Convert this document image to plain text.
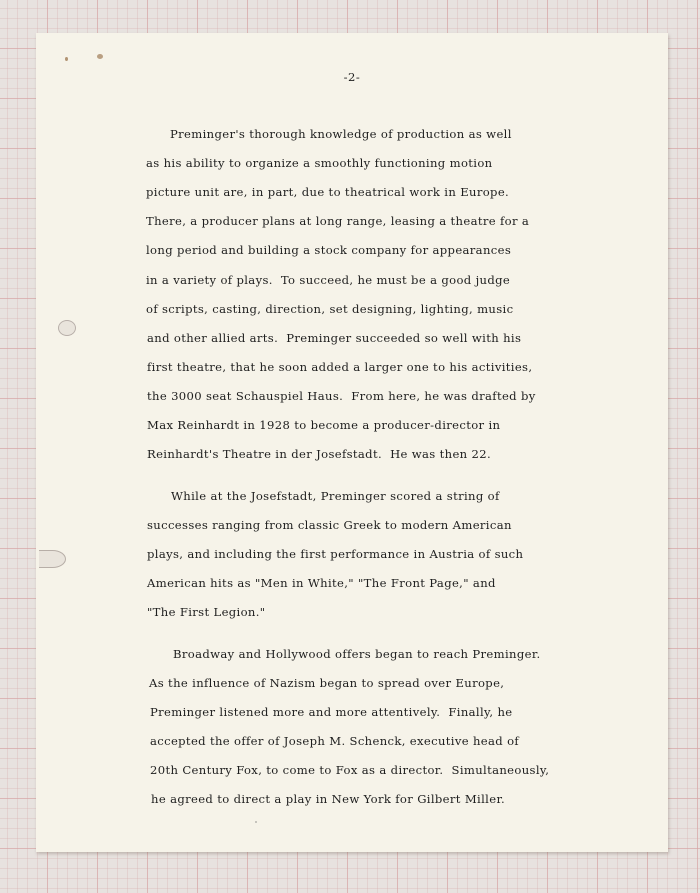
-2-
Preminger's thorough knowledge of production as well
as his ability to organize a smoothly functioning motion
picture unit are, in part, due to theatrical work in Europe.
There, a producer plans at long range, leasing a theatre for a
long period and building a stock company for appearances
in a variety of plays.  To succeed, he must be a good judge
of scripts, casting, direction, set designing, lighting, music
and other allied arts.  Preminger succeeded so well with his
first theatre, that he soon added a larger one to his activities,
the 3000 seat Schauspiel Haus.  From here, he was drafted by
Max Reinhardt in 1928 to become a producer-director in
Reinhardt's Theatre in der Josefstadt.  He was then 22.
While at the Josefstadt, Preminger scored a string of
successes ranging from classic Greek to modern American
plays, and including the first performance in Austria of such
American hits as "Men in White," "The Front Page," and
"The First Legion."
Broadway and Hollywood offers began to reach Preminger.
As the influence of Nazism began to spread over Europe,
Preminger listened more and more attentively.  Finally, he
accepted the offer of Joseph M. Schenck, executive head of
20th Century Fox, to come to Fox as a director.  Simultaneously,
he agreed to direct a play in New York for Gilbert Miller.
